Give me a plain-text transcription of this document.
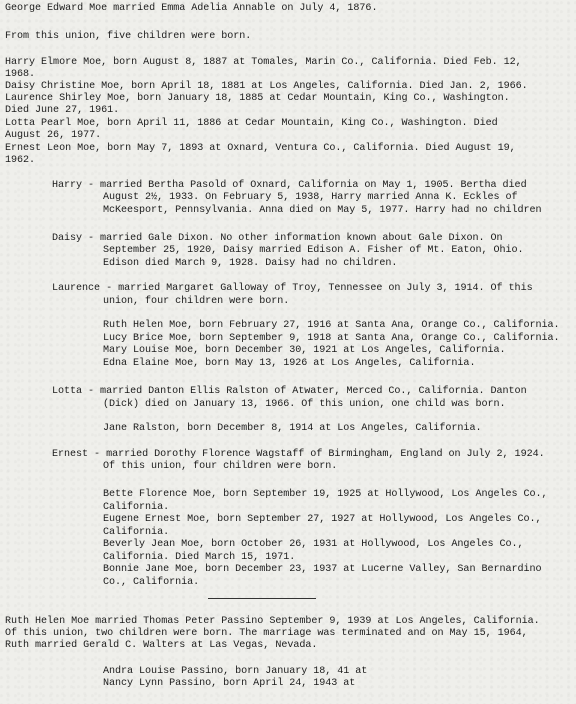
George Edward Moe married Emma Adelia Annable on July 4, 1876.
From this union, five children were born.
Harry Elmore Moe, born August 8, 1887 at Tomales, Marin Co., California. Died Feb. 12,
1968.
Daisy Christine Moe, born April 18, 1881 at Los Angeles, California. Died Jan. 2, 1966.
Laurence Shirley Moe, born January 18, 1885 at Cedar Mountain, King Co., Washington.
Died June 27, 1961.
Lotta Pearl Moe, born April 11, 1886 at Cedar Mountain, King Co., Washington. Died
August 26, 1977.
Ernest Leon Moe, born May 7, 1893 at Oxnard, Ventura Co., California. Died August 19,
1962.
Harry - married Bertha Pasold of Oxnard, California on May 1, 1905. Bertha died
August 2½, 1933. On February 5, 1938, Harry married Anna K. Eckles of
McKeesport, Pennsylvania. Anna died on May 5, 1977. Harry had no children
Daisy - married Gale Dixon. No other information known about Gale Dixon. On
September 25, 1920, Daisy married Edison A. Fisher of Mt. Eaton, Ohio.
Edison died March 9, 1928. Daisy had no children.
Laurence - married Margaret Galloway of Troy, Tennessee on July 3, 1914. Of this
union, four children were born.
Ruth Helen Moe, born February 27, 1916 at Santa Ana, Orange Co., California.
Lucy Brice Moe, born September 9, 1918 at Santa Ana, Orange Co., California.
Mary Louise Moe, born December 30, 1921 at Los Angeles, California.
Edna Elaine Moe, born May 13, 1926 at Los Angeles, California.
Lotta - married Danton Ellis Ralston of Atwater, Merced Co., California. Danton
(Dick) died on January 13, 1966. Of this union, one child was born.
Jane Ralston, born December 8, 1914 at Los Angeles, California.
Ernest - married Dorothy Florence Wagstaff of Birmingham, England on July 2, 1924.
Of this union, four children were born.
Bette Florence Moe, born September 19, 1925 at Hollywood, Los Angeles Co.,
California.
Eugene Ernest Moe, born September 27, 1927 at Hollywood, Los Angeles Co.,
California.
Beverly Jean Moe, born October 26, 1931 at Hollywood, Los Angeles Co.,
California. Died March 15, 1971.
Bonnie Jane Moe, born December 23, 1937 at Lucerne Valley, San Bernardino
Co., California.
Ruth Helen Moe married Thomas Peter Passino September 9, 1939 at Los Angeles, California.
Of this union, two children were born. The marriage was terminated and on May 15, 1964,
Ruth married Gerald C. Walters at Las Vegas, Nevada.
Andra Louise Passino, born January 18, 41 at
Nancy Lynn Passino, born April 24, 1943 at
